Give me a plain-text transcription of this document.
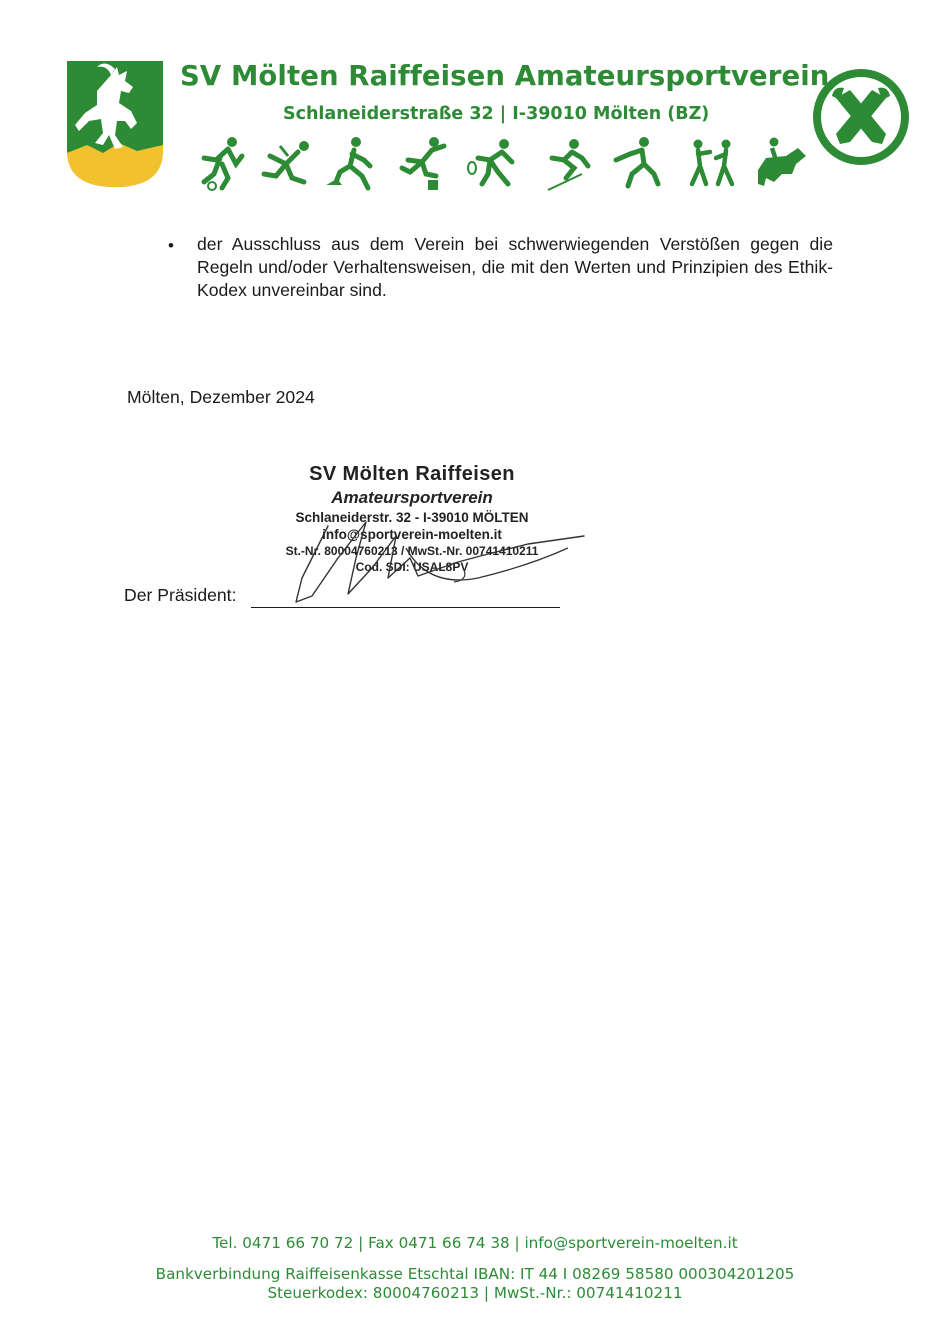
SV Mölten Raiffeisen Amateursportverein
Schlaneiderstraße 32 | I-39010 Mölten (BZ)
• der Ausschluss aus dem Verein bei schwerwiegenden Verstößen gegen die Regeln und/oder Verhaltensweisen, die mit den Werten und Prinzipien des Ethik- Kodex unvereinbar sind.
Mölten, Dezember 2024
SV Mölten Raiffeisen
Amateursportverein
Schlaneiderstr. 32 - I-39010 MÖLTEN
info@sportverein-moelten.it
St.-Nr. 80004760213 / MwSt.-Nr. 00741410211
Cod. SDI: USAL8PV
Der Präsident:
Tel. 0471 66 70 72 | Fax 0471 66 74 38 | info@sportverein-moelten.it
Bankverbindung Raiffeisenkasse Etschtal IBAN: IT 44 I 08269 58580 000304201205
Steuerkodex: 80004760213 | MwSt.-Nr.: 00741410211
